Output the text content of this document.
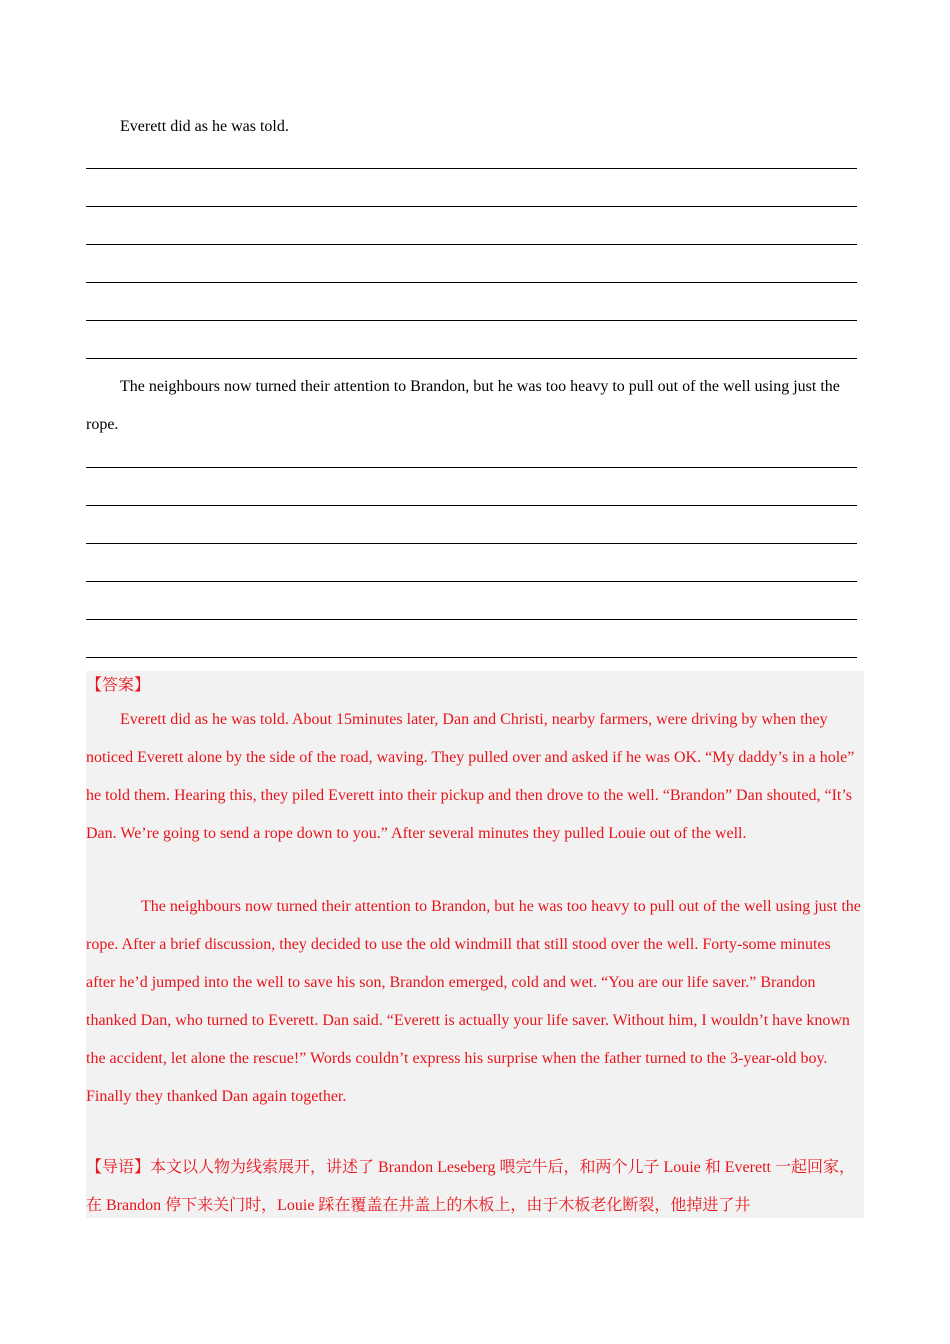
Everett did as he was told.

The neighbours now turned their attention to Brandon, but he was too heavy to pull out of the well using just the rope.

【答案】

Everett did as he was told. About 15minutes later, Dan and Christi, nearby farmers, were driving by when they noticed Everett alone by the side of the road, waving. They pulled over and asked if he was OK. “My daddy’s in a hole” he told them. Hearing this, they piled Everett into their pickup and then drove to the well. “Brandon” Dan shouted, “It’s Dan. We’re going to send a rope down to you.” After several minutes they pulled Louie out of the well.

The neighbours now turned their attention to Brandon, but he was too heavy to pull out of the well using just the rope. After a brief discussion, they decided to use the old windmill that still stood over the well. Forty-some minutes after he’d jumped into the well to save his son, Brandon emerged, cold and wet. “You are our life saver.” Brandon thanked Dan, who turned to Everett. Dan said. “Everett is actually your life saver. Without him, I wouldn’t have known the accident, let alone the rescue!” Words couldn’t express his surprise when the father turned to the 3-year-old boy. Finally they thanked Dan again together.

【导语】本文以人物为线索展开，讲述了 Brandon Leseberg 喂完牛后，和两个儿子 Louie 和 Everett 一起回家，在 Brandon 停下来关门时，Louie 踩在覆盖在井盖上的木板上，由于木板老化断裂，他掉进了井
